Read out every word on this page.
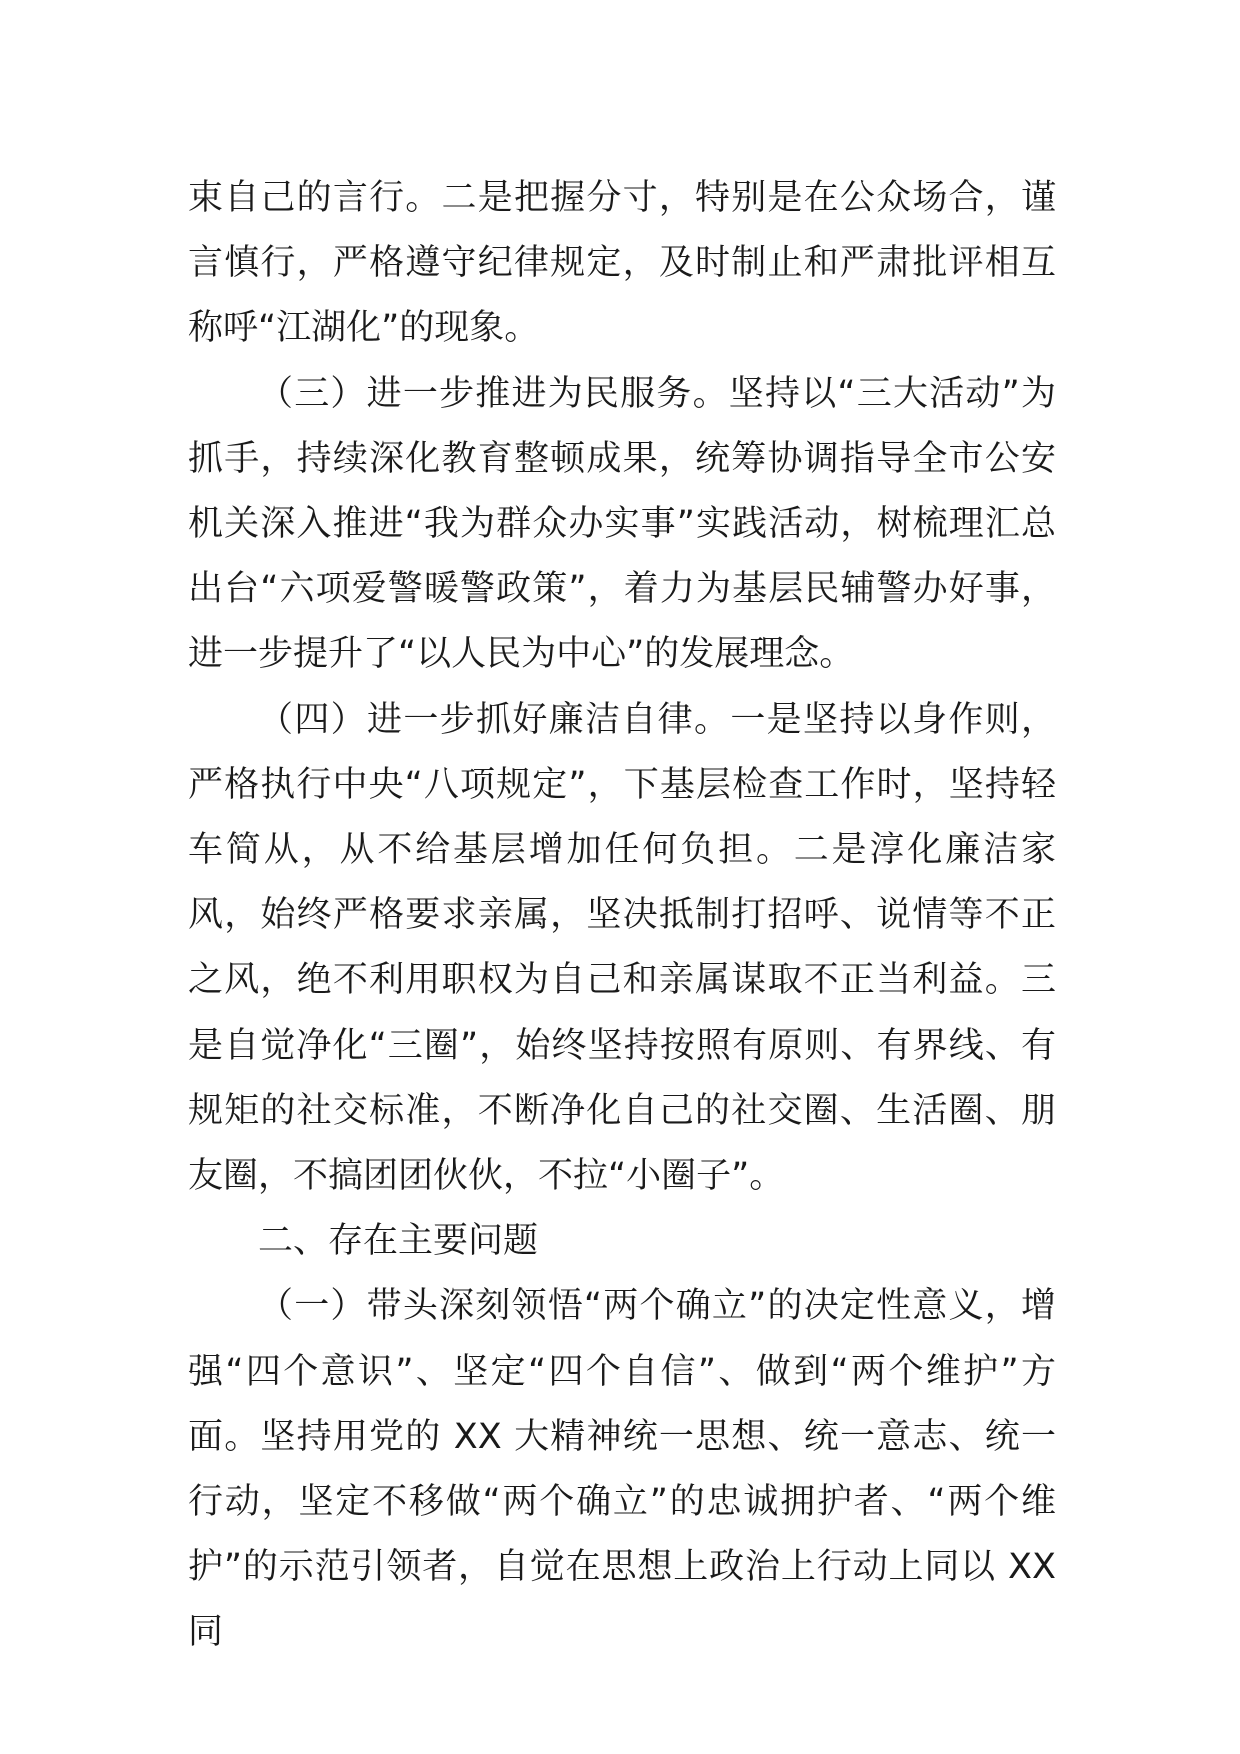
束自己的言行。二是把握分寸，特别是在公众场合，谨言慎行，严格遵守纪律规定，及时制止和严肃批评相互称呼“江湖化”的现象。

（三）进一步推进为民服务。坚持以“三大活动”为抓手，持续深化教育整顿成果，统筹协调指导全市公安机关深入推进“我为群众办实事”实践活动，树梳理汇总出台“六项爱警暖警政策”，着力为基层民辅警办好事，进一步提升了“以人民为中心”的发展理念。

（四）进一步抓好廉洁自律。一是坚持以身作则，严格执行中央“八项规定”，下基层检查工作时，坚持轻车简从，从不给基层增加任何负担。二是淳化廉洁家风，始终严格要求亲属，坚决抵制打招呼、说情等不正之风，绝不利用职权为自己和亲属谋取不正当利益。三是自觉净化“三圈”，始终坚持按照有原则、有界线、有规矩的社交标准，不断净化自己的社交圈、生活圈、朋友圈，不搞团团伙伙，不拉“小圈子”。

二、存在主要问题

（一）带头深刻领悟“两个确立”的决定性意义，增强“四个意识”、坚定“四个自信”、做到“两个维护”方面。坚持用党的 XX 大精神统一思想、统一意志、统一行动，坚定不移做“两个确立”的忠诚拥护者、“两个维护”的示范引领者，自觉在思想上政治上行动上同以 XX 同
